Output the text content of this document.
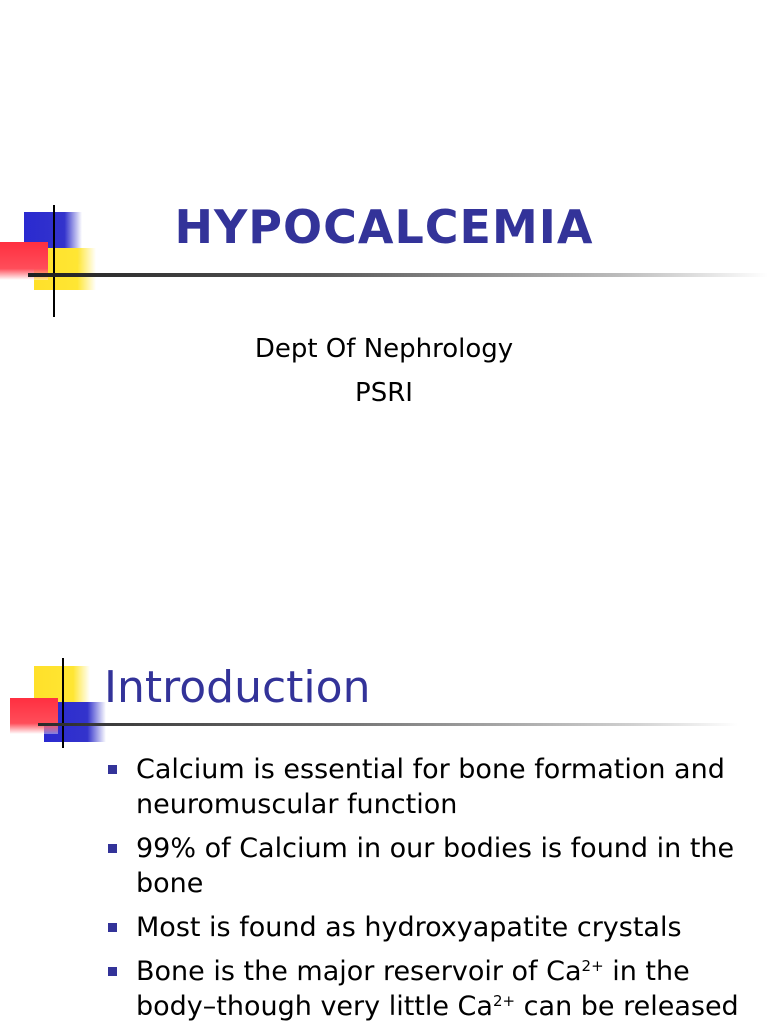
HYPOCALCEMIA
Dept Of Nephrology
PSRI
Introduction
Calcium is essential for bone formation and neuromuscular function
99% of Calcium in our bodies is found in the bone
Most is found as hydroxyapatite crystals
Bone is the major reservoir of $Ca^{2+}$ in the body–though very little $Ca^{2+}$ can be released
